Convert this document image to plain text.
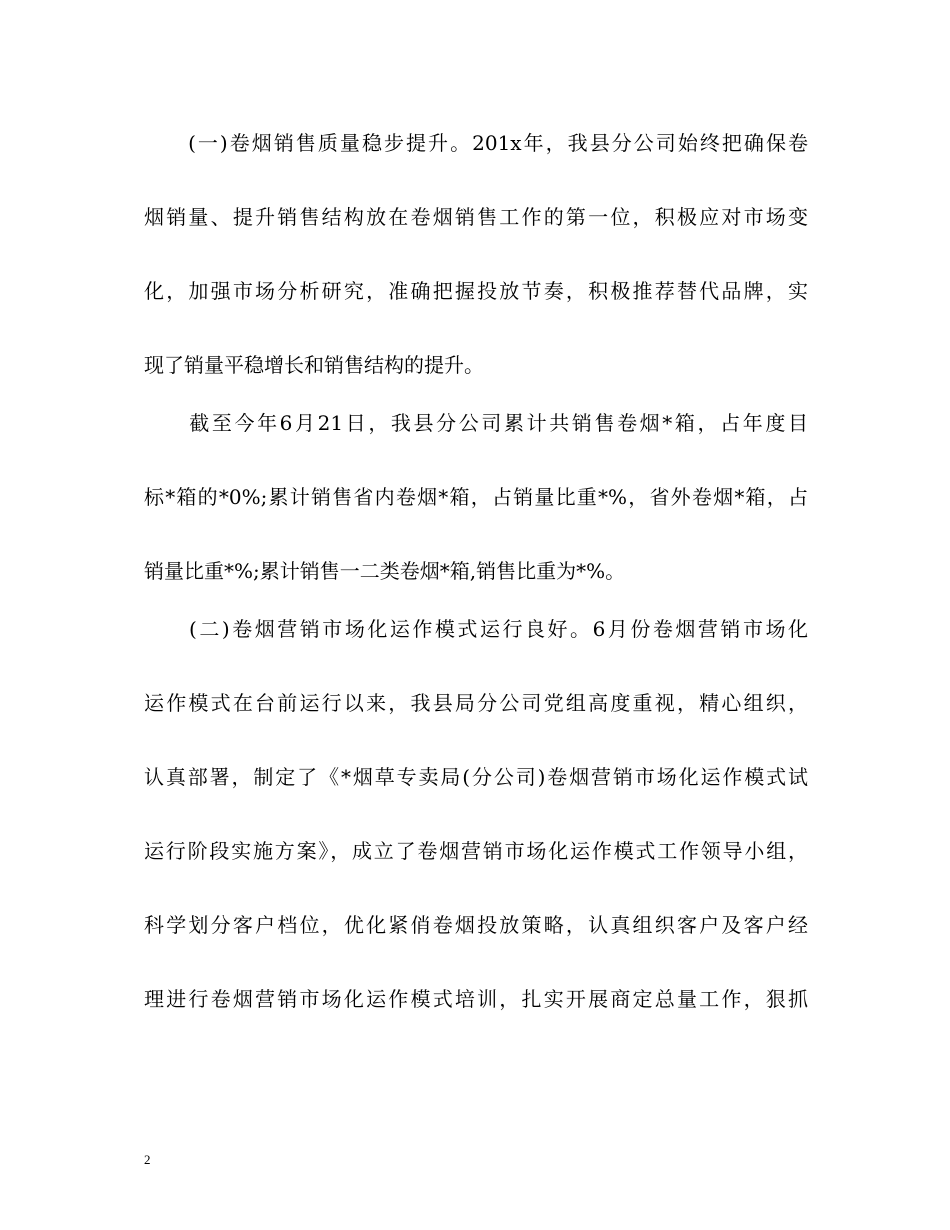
　　(一)卷烟销售质量稳步提升。201x年，我县分公司始终把确保卷
烟销量、提升销售结构放在卷烟销售工作的第一位，积极应对市场变
化，加强市场分析研究，准确把握投放节奏，积极推荐替代品牌，实
现了销量平稳增长和销售结构的提升。
　　截至今年6月21日，我县分公司累计共销售卷烟*箱，占年度目
标*箱的*0%;累计销售省内卷烟*箱，占销量比重*%，省外卷烟*箱，占
销量比重*%;累计销售一二类卷烟*箱,销售比重为*%。
　　(二)卷烟营销市场化运作模式运行良好。6月份卷烟营销市场化
运作模式在台前运行以来，我县局分公司党组高度重视，精心组织，
认真部署，制定了《*烟草专卖局(分公司)卷烟营销市场化运作模式试
运行阶段实施方案》，成立了卷烟营销市场化运作模式工作领导小组，
科学划分客户档位，优化紧俏卷烟投放策略，认真组织客户及客户经
理进行卷烟营销市场化运作模式培训，扎实开展商定总量工作，狠抓
2
